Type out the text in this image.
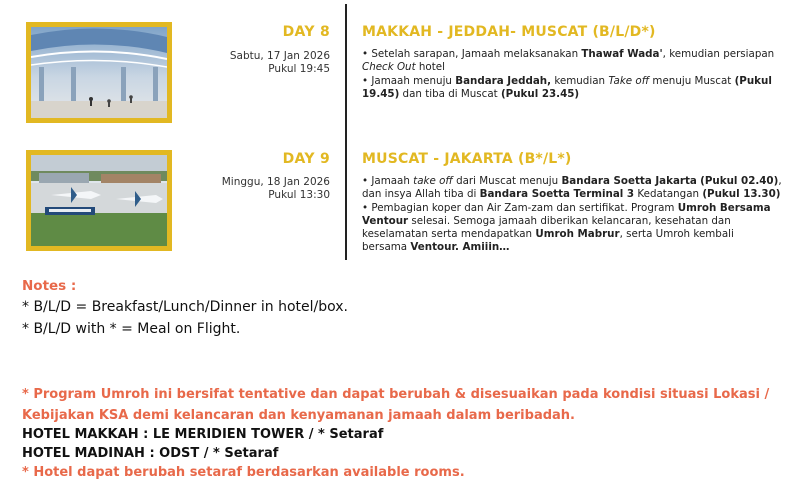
DAY 8
Sabtu, 17 Jan 2026
Pukul 19:45
MAKKAH - JEDDAH- MUSCAT (B/L/D*)

• Setelah sarapan, Jamaah melaksanakan Thawaf Wada', kemudian persiapan Check Out hotel

• Jamaah menuju Bandara Jeddah, kemudian Take off menuju Muscat (Pukul 19.45) dan tiba di Muscat (Pukul 23.45)

DAY 9
Minggu, 18 Jan 2026
Pukul 13:30
MUSCAT - JAKARTA (B*/L*)

• Jamaah take off dari Muscat menuju Bandara Soetta Jakarta (Pukul 02.40), dan insya Allah tiba di Bandara Soetta Terminal 3 Kedatangan (Pukul 13.30)

• Pembagian koper dan Air Zam-zam dan sertifikat. Program Umroh Bersama Ventour selesai. Semoga jamaah diberikan kelancaran, kesehatan dan keselamatan serta mendapatkan Umroh Mabrur, serta Umroh kembali bersama Ventour. Amiiin…

Notes :
* B/L/D = Breakfast/Lunch/Dinner in hotel/box.
* B/L/D with * = Meal on Flight.
* Program Umroh ini bersifat tentative dan dapat berubah & disesuaikan pada kondisi situasi Lokasi / Kebijakan KSA demi kelancaran dan kenyamanan jamaah dalam beribadah.
HOTEL MAKKAH : LE MERIDIEN TOWER / * Setaraf
HOTEL MADINAH : ODST / * Setaraf
* Hotel dapat berubah setaraf berdasarkan available rooms.
